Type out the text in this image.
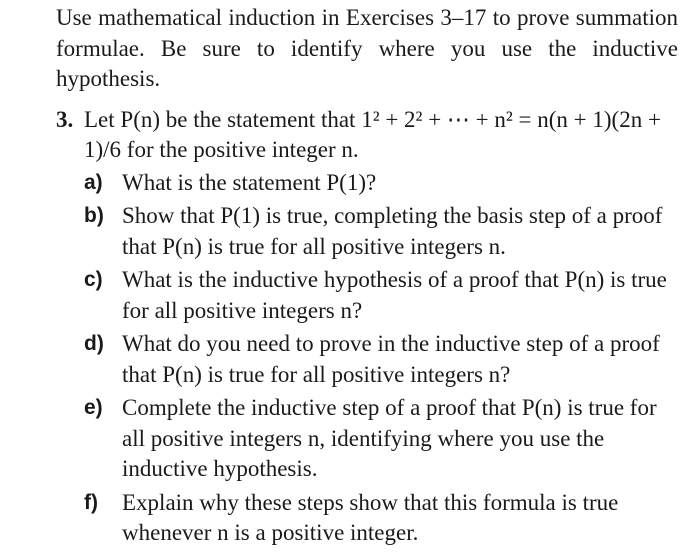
Use mathematical induction in Exercises 3–17 to prove summation formulae. Be sure to identify where you use the inductive hypothesis.

3. Let P(n) be the statement that 1² + 2² + ⋯ + n² = n(n + 1)(2n + 1)/6 for the positive integer n.

a) What is the statement P(1)?
b) Show that P(1) is true, completing the basis step of a proof that P(n) is true for all positive integers n.
c) What is the inductive hypothesis of a proof that P(n) is true for all positive integers n?
d) What do you need to prove in the inductive step of a proof that P(n) is true for all positive integers n?
e) Complete the inductive step of a proof that P(n) is true for all positive integers n, identifying where you use the inductive hypothesis.
f) Explain why these steps show that this formula is true whenever n is a positive integer.
